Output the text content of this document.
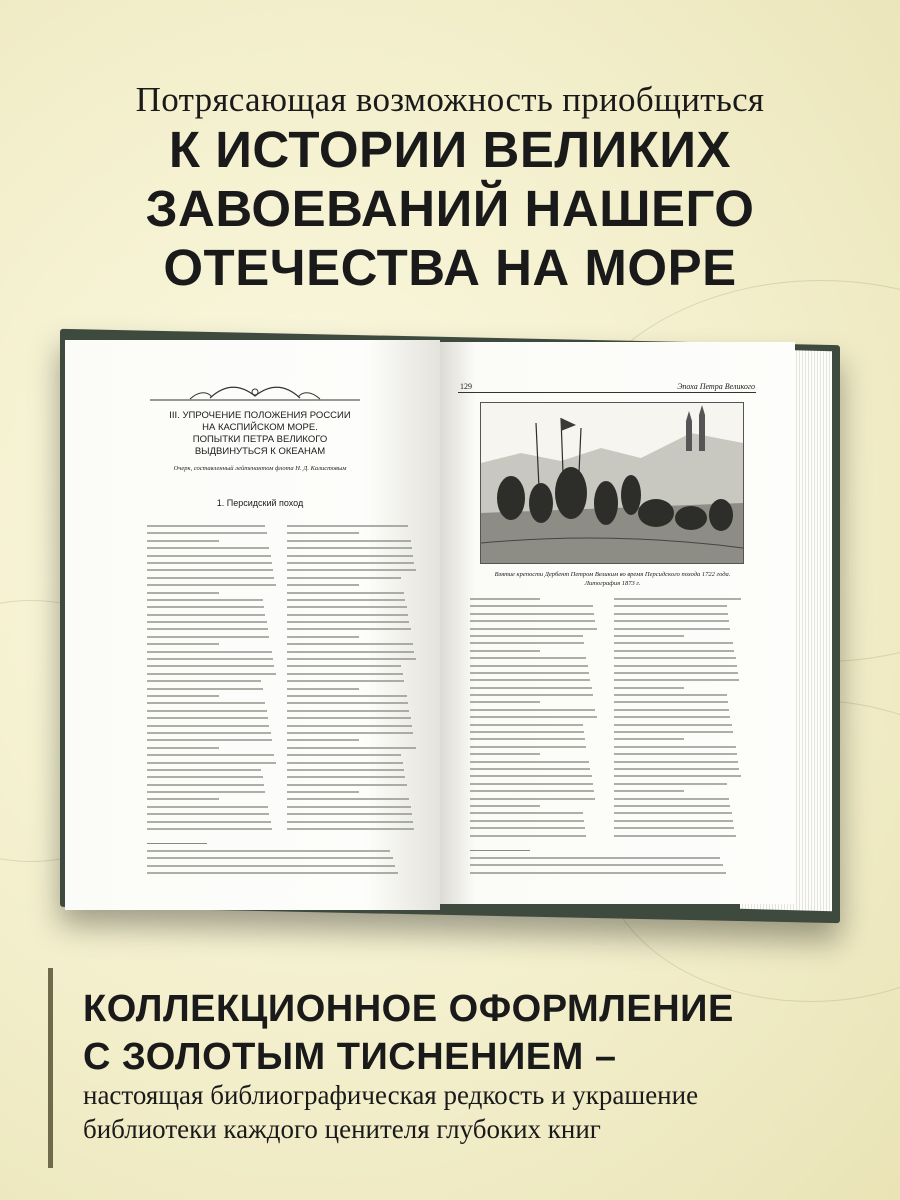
Потрясающая возможность приобщиться
К ИСТОРИИ ВЕЛИКИХ
ЗАВОЕВАНИЙ НАШЕГО
ОТЕЧЕСТВА НА МОРЕ
III. УПРОЧЕНИЕ ПОЛОЖЕНИЯ РОССИИ
НА КАСПИЙСКОМ МОРЕ.
ПОПЫТКИ ПЕТРА ВЕЛИКОГО
ВЫДВИНУТЬСЯ К ОКЕАНАМ
Очерк, составленный лейтенантом флота Н. Д. Калистовым
1. Персидский поход
129	Эпоха Петра Великого
Взятие крепости Дербент Петром Великим во время Персидского похода 1722 года.
Литография 1873 г.
КОЛЛЕКЦИОННОЕ ОФОРМЛЕНИЕ
С ЗОЛОТЫМ ТИСНЕНИЕМ –
настоящая библиографическая редкость и украшение
библиотеки каждого ценителя глубоких книг
